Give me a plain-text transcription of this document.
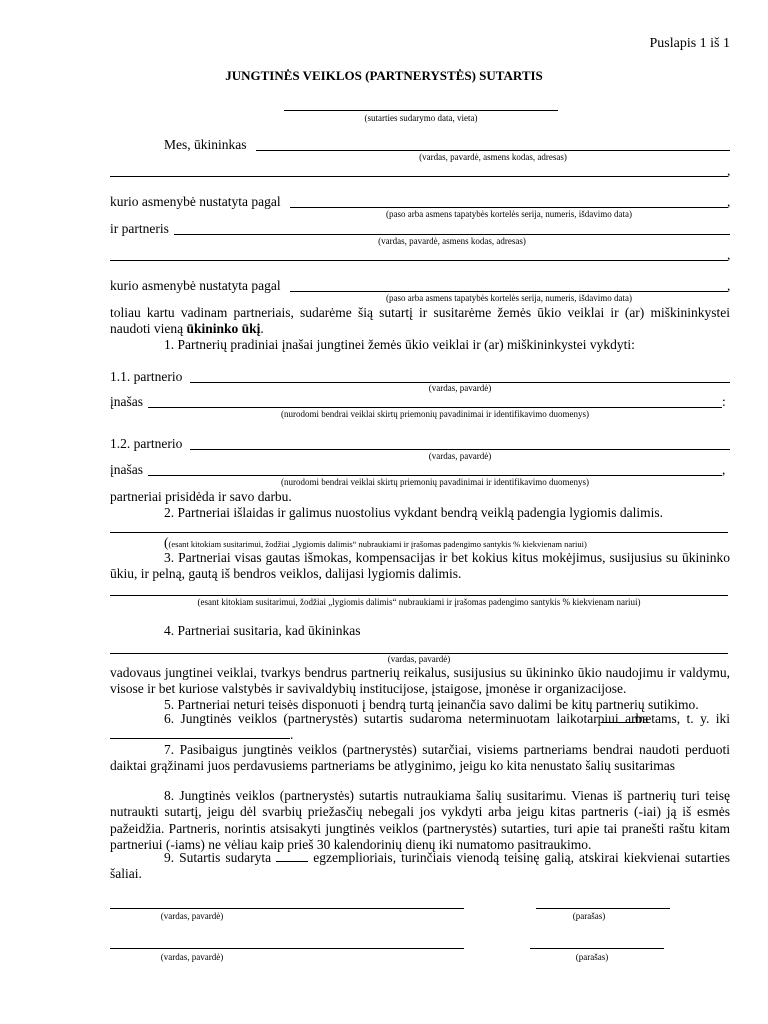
Puslapis 1 iš 1
JUNGTINĖS VEIKLOS (PARTNERYSTĖS) SUTARTIS
(sutarties sudarymo data, vieta)
Mes, ūkininkas
(vardas, pavardė, asmens kodas, adresas)
,
kurio asmenybė nustatyta pagal	,
(paso arba asmens tapatybės kortelės serija, numeris, išdavimo data)
ir partneris
(vardas, pavardė, asmens kodas, adresas)
,
kurio asmenybė nustatyta pagal	,
(paso arba asmens tapatybės kortelės serija, numeris, išdavimo data)
toliau kartu vadinam partneriais, sudarėme šią sutartį ir susitarėme žemės ūkio veiklai ir (ar) miškininkystei naudoti vieną ūkininko ūkį.
1. Partnerių pradiniai įnašai jungtinei žemės ūkio veiklai ir (ar) miškininkystei vykdyti:
1.1. partnerio
(vardas, pavardė)
įnašas	:
(nurodomi bendrai veiklai skirtų priemonių pavadinimai ir identifikavimo duomenys)
1.2. partnerio
(vardas, pavardė)
įnašas	,
(nurodomi bendrai veiklai skirtų priemonių pavadinimai ir identifikavimo duomenys)
partneriai prisidėda ir savo darbu.
2. Partneriai išlaidas ir galimus nuostolius vykdant bendrą veiklą padengia lygiomis dalimis.
((esant kitokiam susitarimui, žodžiai „lygiomis dalimis“ nubraukiami ir įrašomas padengimo santykis % kiekvienam nariui)
3. Partneriai visas gautas išmokas, kompensacijas ir bet kokius kitus mokėjimus, susijusius su ūkininko ūkiu, ir pelną, gautą iš bendros veiklos, dalijasi lygiomis dalimis.
(esant kitokiam susitarimui, žodžiai „lygiomis dalimis“ nubraukiami ir įrašomas padengimo santykis % kiekvienam nariui)
4. Partneriai susitaria, kad ūkininkas
(vardas, pavardė)
vadovaus jungtinei veiklai, tvarkys bendrus partnerių reikalus, susijusius su ūkininko ūkio naudojimu ir valdymu, visose ir bet kuriose valstybės ir savivaldybių institucijose, įstaigose, įmonėse ir organizacijose.
5. Partneriai neturi teisės disponuoti į bendrą turtą įeinančia savo dalimi be kitų partnerių sutikimo.
6. Jungtinės veiklos (partnerystės) sutartis sudaroma neterminuotam laikotarpiui arba metams, t. y. iki .
7. Pasibaigus jungtinės veiklos (partnerystės) sutarčiai, visiems partneriams bendrai naudoti perduoti daiktai grąžinami juos perdavusiems partneriams be atlyginimo, jeigu ko kita nenustato šalių susitarimas
8. Jungtinės veiklos (partnerystės) sutartis nutraukiama šalių susitarimu. Vienas iš partnerių turi teisę nutraukti sutartį, jeigu dėl svarbių priežasčių nebegali jos vykdyti arba jeigu kitas partneris (-iai) ją iš esmės pažeidžia. Partneris, norintis atsisakyti jungtinės veiklos (partnerystės) sutarties, turi apie tai pranešti raštu kitam partneriui (-iams) ne vėliau kaip prieš 30 kalendorinių dienų iki numatomo pasitraukimo.
9. Sutartis sudaryta	egzemplioriais, turinčiais vienodą teisinę galią, atskirai kiekvienai sutarties šaliai.
(vardas, pavardė)	(parašas)
(vardas, pavardė)	(parašas)
